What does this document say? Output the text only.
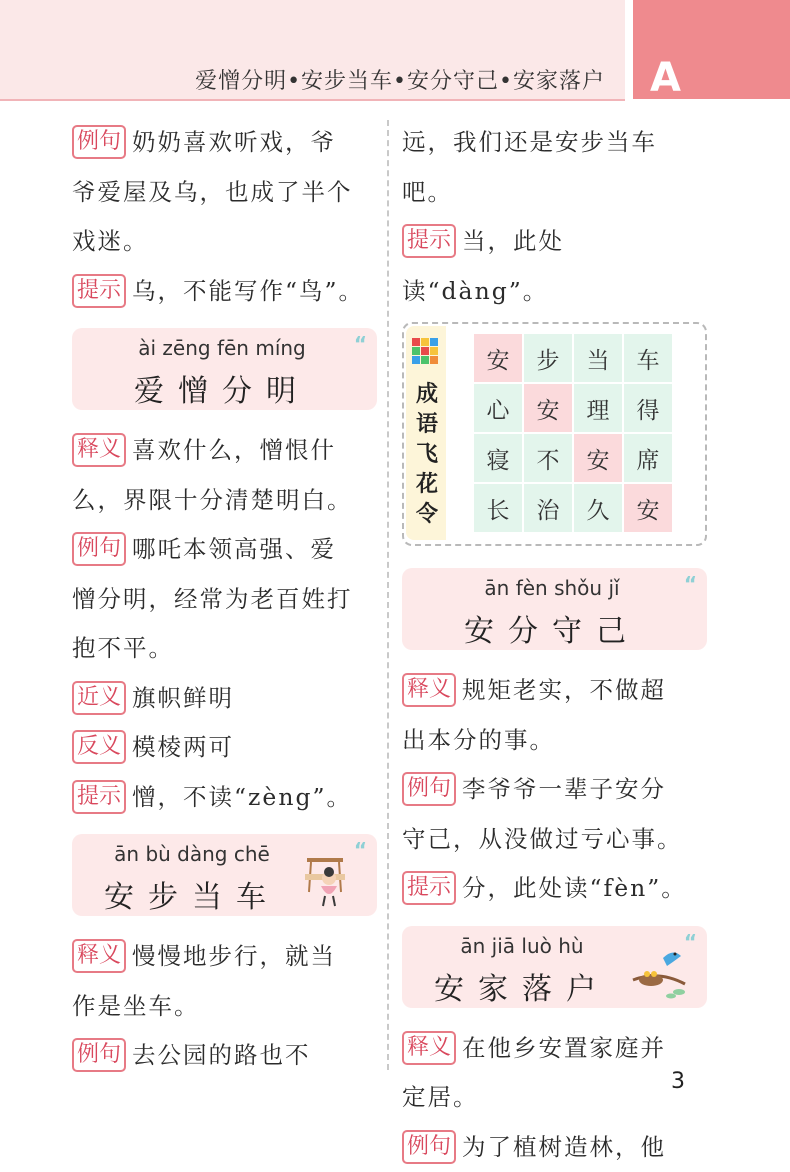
爱憎分明•安步当车•安分守己•安家落户 A

例句 奶奶喜欢听戏，爷
爷爱屋及乌，也成了半个
戏迷。

提示 乌，不能写作“鸟”。

ài zēng fēn míng
爱憎分明
“

释义 喜欢什么，憎恨什
么，界限十分清楚明白。

例句 哪吒本领高强、爱
憎分明，经常为老百姓打
抱不平。

近义 旗帜鲜明

反义 模棱两可

提示 憎，不读“zèng”。

ān bù dàng chē
安步当车
“

释义 慢慢地步行，就当
作是坐车。

例句 去公园的路也不

远，我们还是安步当车吧。

提示 当，此处读“dàng”。

成
语
飞
花
令
安	步	当	车
心	安	理	得
寝	不	安	席
长	治	久	安
ān fèn shǒu jǐ
安分守己
“

释义 规矩老实，不做超
出本分的事。

例句 李爷爷一辈子安分
守己，从没做过亏心事。

提示 分，此处读“fèn”。

ān jiā luò hù
安家落户
“

释义 在他乡安置家庭并
定居。

例句 为了植树造林，他

3
